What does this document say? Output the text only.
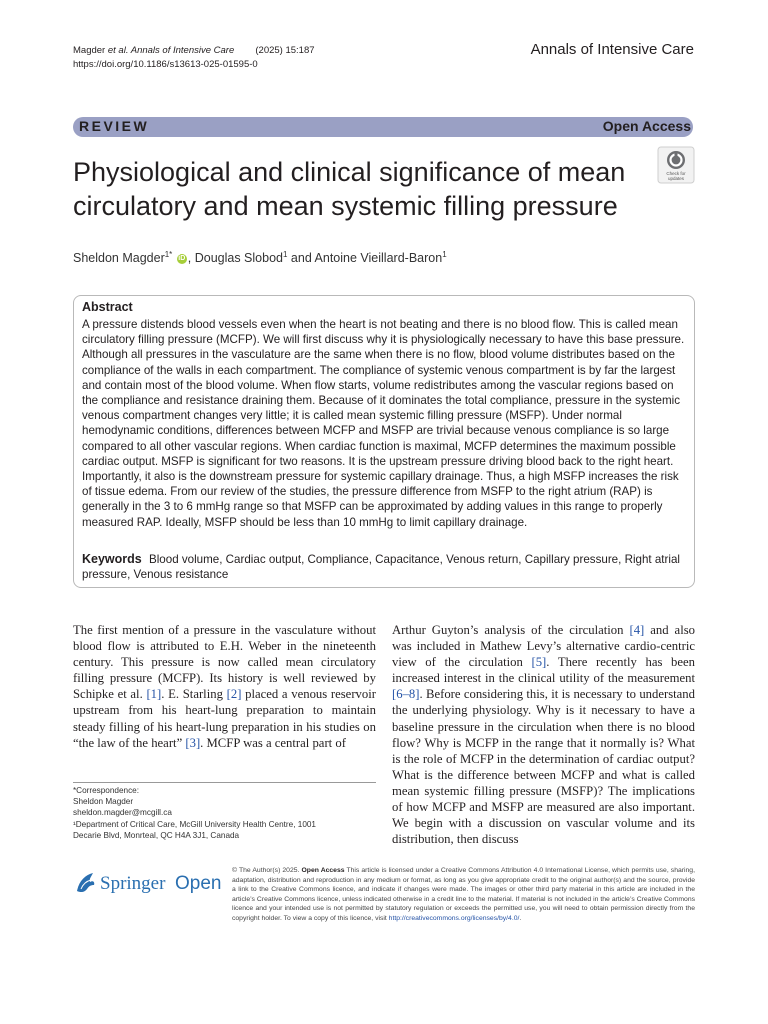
Magder et al. Annals of Intensive Care (2025) 15:187
https://doi.org/10.1186/s13613-025-01595-0
Annals of Intensive Care
REVIEW	Open Access
Physiological and clinical significance of mean circulatory and mean systemic filling pressure
Check for
updates
Sheldon Magder$^{1*}$ iD , Douglas Slobod$^1$ and Antoine Vieillard-Baron$^1$
Abstract
A pressure distends blood vessels even when the heart is not beating and there is no blood flow. This is called mean circulatory filling pressure (MCFP). We will first discuss why it is physiologically necessary to have this base pressure. Although all pressures in the vasculature are the same when there is no flow, blood volume distributes based on the compliance of the walls in each compartment. The compliance of systemic venous compartment is by far the largest and contain most of the blood volume. When flow starts, volume redistributes among the vascular regions based on the compliance and resistance draining them. Because of it dominates the total compliance, pressure in the systemic venous compartment changes very little; it is called mean systemic filling pressure (MSFP). Under normal hemodynamic conditions, differences between MCFP and MSFP are trivial because venous compliance is so large compared to all other vascular regions. When cardiac function is maximal, MCFP determines the maximum possible cardiac output. MSFP is significant for two reasons. It is the upstream pressure driving blood back to the right heart. Importantly, it also is the downstream pressure for systemic capillary drainage. Thus, a high MSFP increases the risk of tissue edema. From our review of the studies, the pressure difference from MSFP to the right atrium (RAP) is generally in the 3 to 6 mmHg range so that MSFP can be approximated by adding values in this range to properly measured RAP. Ideally, MSFP should be less than 10 mmHg to limit capillary drainage.
Keywords Blood volume, Cardiac output, Compliance, Capacitance, Venous return, Capillary pressure, Right atrial pressure, Venous resistance
The first mention of a pressure in the vasculature without blood flow is attributed to E.H. Weber in the nineteenth century. This pressure is now called mean circulatory filling pressure (MCFP). Its history is well reviewed by Schipke et al. [1]. E. Starling [2] placed a venous reservoir upstream from his heart-lung preparation to maintain steady filling of his heart-lung preparation in his studies on “the law of the heart” [3]. MCFP was a central part of
Arthur Guyton’s analysis of the circulation [4] and also was included in Mathew Levy’s alternative cardio-centric view of the circulation [5]. There recently has been increased interest in the clinical utility of the measurement [6–8]. Before considering this, it is necessary to understand the underlying physiology. Why is it necessary to have a baseline pressure in the circulation when there is no blood flow? Why is MCFP in the range that it normally is? What is the role of MCFP in the determination of cardiac output? What is the difference between MCFP and what is called mean systemic filling pressure (MSFP)? The implications of how MCFP and MSFP are measured are also important. We begin with a discussion on vascular volume and its distribution, then discuss
*Correspondence:
Sheldon Magder
sheldon.magder@mcgill.ca
¹Department of Critical Care, McGill University Health Centre, 1001
Decarie Blvd, Monrteal, QC H4A 3J1, Canada
Springer Open
© The Author(s) 2025. Open Access This article is licensed under a Creative Commons Attribution 4.0 International License, which permits use, sharing, adaptation, distribution and reproduction in any medium or format, as long as you give appropriate credit to the original author(s) and the source, provide a link to the Creative Commons licence, and indicate if changes were made. The images or other third party material in this article are included in the article’s Creative Commons licence, unless indicated otherwise in a credit line to the material. If material is not included in the article’s Creative Commons licence and your intended use is not permitted by statutory regulation or exceeds the permitted use, you will need to obtain permission directly from the copyright holder. To view a copy of this licence, visit http://creativecommons.org/licenses/by/4.0/.
